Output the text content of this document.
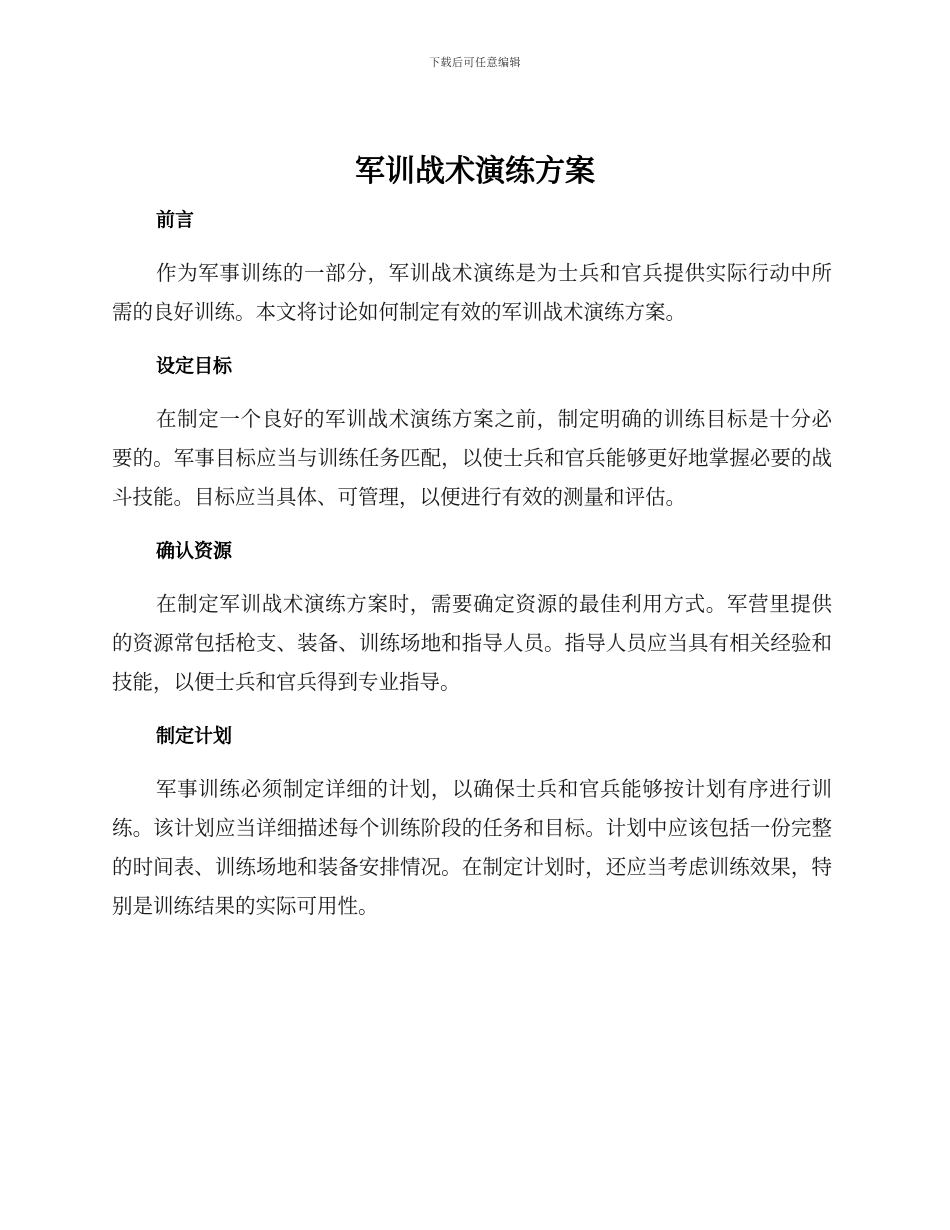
下载后可任意编辑
军训战术演练方案
前言

作为军事训练的一部分，军训战术演练是为士兵和官兵提供实际行动中所需的良好训练。本文将讨论如何制定有效的军训战术演练方案。

设定目标

在制定一个良好的军训战术演练方案之前，制定明确的训练目标是十分必要的。军事目标应当与训练任务匹配，以使士兵和官兵能够更好地掌握必要的战斗技能。目标应当具体、可管理，以便进行有效的测量和评估。

确认资源

在制定军训战术演练方案时，需要确定资源的最佳利用方式。军营里提供的资源常包括枪支、装备、训练场地和指导人员。指导人员应当具有相关经验和技能，以便士兵和官兵得到专业指导。

制定计划

军事训练必须制定详细的计划，以确保士兵和官兵能够按计划有序进行训练。该计划应当详细描述每个训练阶段的任务和目标。计划中应该包括一份完整的时间表、训练场地和装备安排情况。在制定计划时，还应当考虑训练效果，特别是训练结果的实际可用性。
